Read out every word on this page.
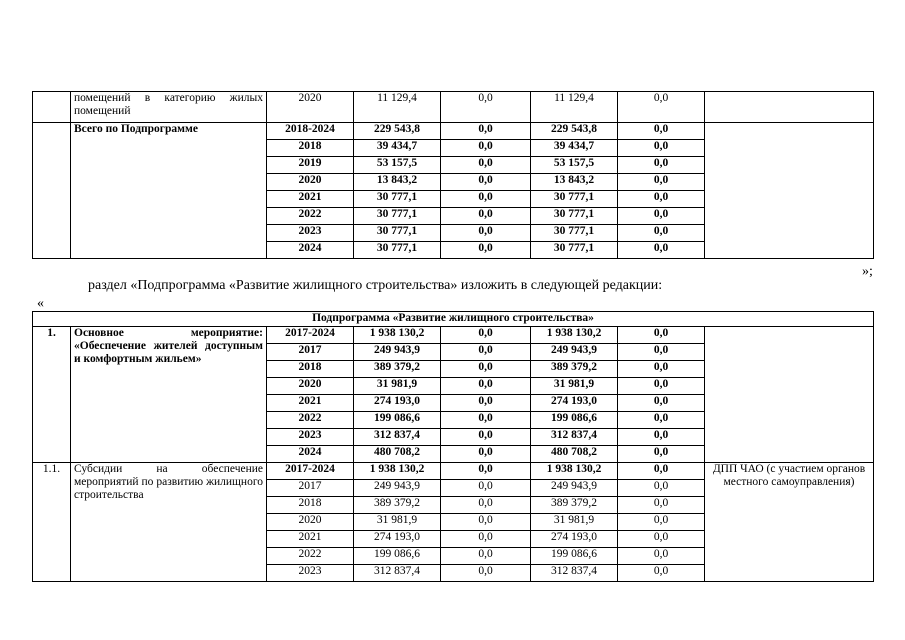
	помещений в категорию жилых помещений	2020	11 129,4	0,0	11 129,4	0,0	
	Всего по Подпрограмме	2018-2024	229 543,8	0,0	229 543,8	0,0	
		2018	39 434,7	0,0	39 434,7	0,0	
		2019	53 157,5	0,0	53 157,5	0,0	
		2020	13 843,2	0,0	13 843,2	0,0	
		2021	30 777,1	0,0	30 777,1	0,0	
		2022	30 777,1	0,0	30 777,1	0,0	
		2023	30 777,1	0,0	30 777,1	0,0	
		2024	30 777,1	0,0	30 777,1	0,0	
»;
раздел «Подпрограмма «Развитие жилищного строительства» изложить в следующей редакции:
«
Подпрограмма «Развитие жилищного строительства»							
1.	Основное мероприятие: «Обеспечение жителей доступным и комфортным жильем»	2017-2024	1 938 130,2	0,0	1 938 130,2	0,0	
		2017	249 943,9	0,0	249 943,9	0,0	
		2018	389 379,2	0,0	389 379,2	0,0	
		2020	31 981,9	0,0	31 981,9	0,0	
		2021	274 193,0	0,0	274 193,0	0,0	
		2022	199 086,6	0,0	199 086,6	0,0	
		2023	312 837,4	0,0	312 837,4	0,0	
		2024	480 708,2	0,0	480 708,2	0,0	
1.1.	Субсидии на обеспечение мероприятий по развитию жилищного строительства	2017-2024	1 938 130,2	0,0	1 938 130,2	0,0	ДПП ЧАО (с участием органов местного самоуправления)
		2017	249 943,9	0,0	249 943,9	0,0	
		2018	389 379,2	0,0	389 379,2	0,0	
		2020	31 981,9	0,0	31 981,9	0,0	
		2021	274 193,0	0,0	274 193,0	0,0	
		2022	199 086,6	0,0	199 086,6	0,0	
		2023	312 837,4	0,0	312 837,4	0,0	
